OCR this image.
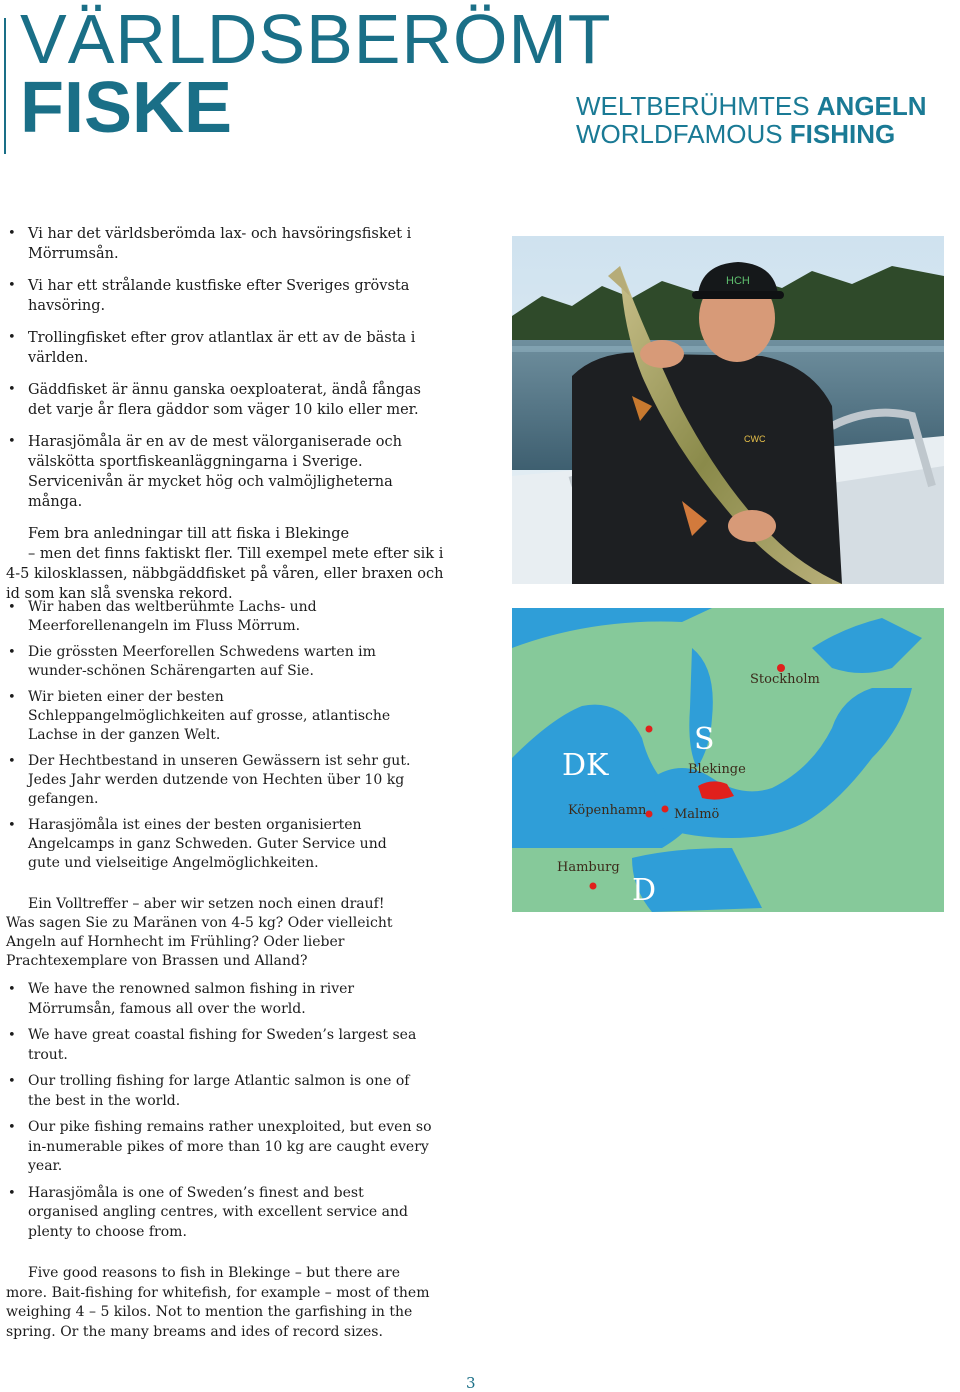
VÄRLDSBERÖMT
FISKE	WELTBERÜHMTES ANGELN
WORLDFAMOUS FISHING
• Vi har det världsberömda lax- och havsöringsfisket i Mörrumsån.
• Vi har ett strålande kustfiske efter Sveriges grövsta havsöring.
• Trollingfisket efter grov atlantlax är ett av de bästa i världen.
• Gäddfisket är ännu ganska oexploaterat, ändå fångas det varje år flera gäddor som väger 10 kilo eller mer.
• Harasjömåla är en av de mest välorganiserade och välskötta sportfiskeanläggningarna i Sverige. Servicenivån är mycket hög och valmöjligheterna många.

Fem bra anledningar till att fiska i Blekinge

– men det finns faktiskt fler. Till exempel mete efter sik i 4-5 kilosklassen, näbbgäddfisket på våren, eller braxen och id som kan slå svenska rekord.

HCH
CWC
• Wir haben das weltberühmte Lachs- und Meerforellenangeln im Fluss Mörrum.
• Die grössten Meerforellen Schwedens warten im wunder-schönen Schärengarten auf Sie.
• Wir bieten einer der besten Schleppangelmöglichkeiten auf grosse, atlantische Lachse in der ganzen Welt.
• Der Hechtbestand in unseren Gewässern ist sehr gut. Jedes Jahr werden dutzende von Hechten über 10 kg gefangen.
• Harasjömåla ist eines der besten organisierten Angelcamps in ganz Schweden. Guter Service und gute und vielseitige Angelmöglichkeiten.

Ein Volltreffer – aber wir setzen noch einen drauf! Was sagen Sie zu Maränen von 4-5 kg? Oder vielleicht Angeln auf Hornhecht im Frühling? Oder lieber Prachtexemplare von Brassen und Alland?

Stockholm
S
DK	Blekinge
Köpenhamn Malmö
Hamburg
D
• We have the renowned salmon fishing in river Mörrumsån, famous all over the world.
• We have great coastal fishing for Sweden’s largest sea trout.
• Our trolling fishing for large Atlantic salmon is one of the best in the world.
• Our pike fishing remains rather unexploited, but even so in-numerable pikes of more than 10 kg are caught every year.
• Harasjömåla is one of Sweden’s finest and best organised angling centres, with excellent service and plenty to choose from.

Five good reasons to fish in Blekinge – but there are more. Bait-fishing for whitefish, for example – most of them weighing 4 – 5 kilos. Not to mention the garfishing in the spring. Or the many breams and ides of record sizes.

3
